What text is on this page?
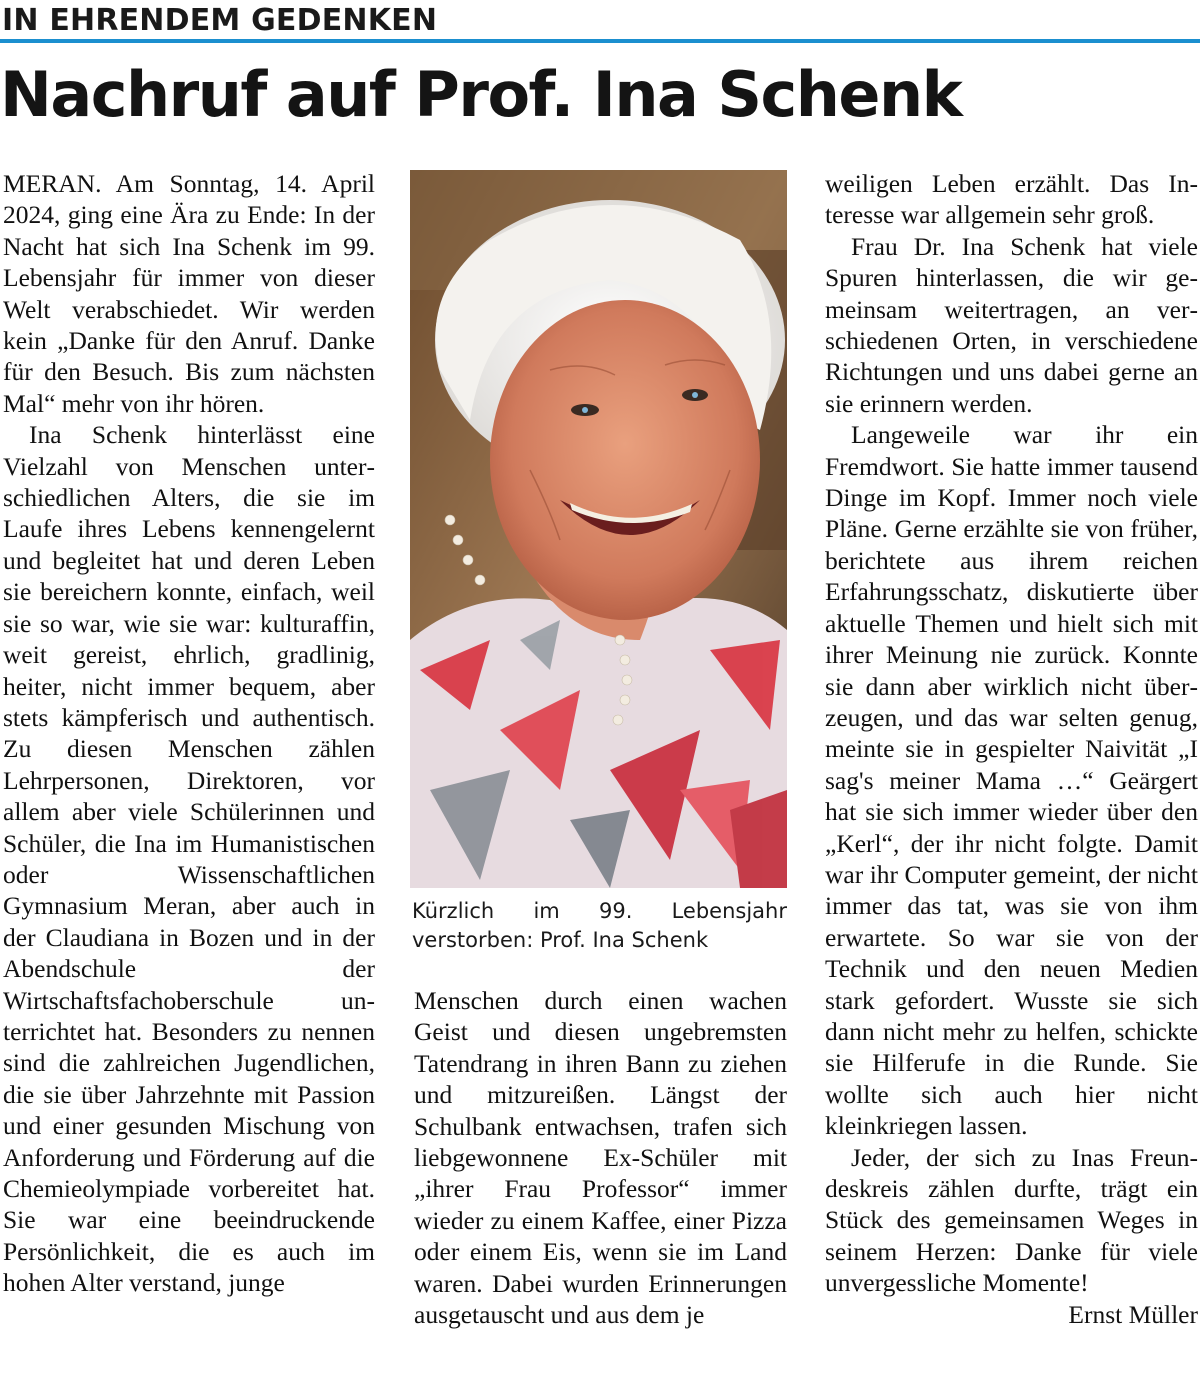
IN EHRENDEM GEDENKEN
Nachruf auf Prof. Ina Schenk

MERAN. Am Sonntag, 14. April 2024, ging eine Ära zu Ende: In der Nacht hat sich Ina Schenk im 99. Lebensjahr für immer von dieser Welt verabschiedet. Wir werden kein „Danke für den Anruf. Danke für den Besuch. Bis zum nächsten Mal“ mehr von ihr hören.

Ina Schenk hinterlässt eine Vielzahl von Menschen unterschiedlichen Alters, die sie im Laufe ihres Lebens kennengelernt und begleitet hat und deren Leben sie bereichern konnte, einfach, weil sie so war, wie sie war: kulturaffin, weit gereist, ehrlich, gradlinig, heiter, nicht immer bequem, aber stets kämpferisch und authentisch. Zu diesen Menschen zählen Lehrpersonen, Direktoren, vor allem aber viele Schülerinnen und Schüler, die Ina im Humanistischen oder Wissenschaftlichen Gymnasium Meran, aber auch in der Claudiana in Bozen und in der Abendschule der Wirtschaftsfachoberschule unterrichtet hat. Besonders zu nennen sind die zahlreichen Jugendlichen, die sie über Jahrzehnte mit Passion und einer gesunden Mischung von Anforderung und Förderung auf die Chemieolympiade vorbereitet hat. Sie war eine beeindruckende Persönlichkeit, die es auch im hohen Alter verstand, junge

Kürzlich im 99. Lebensjahr verstorben: Prof. Ina Schenk

Menschen durch einen wachen Geist und diesen ungebremsten Tatendrang in ihren Bann zu ziehen und mitzureißen. Längst der Schulbank entwachsen, trafen sich liebgewonnene Ex-Schüler mit „ihrer Frau Professor“ immer wieder zu einem Kaffee, einer Pizza oder einem Eis, wenn sie im Land waren. Dabei wurden Erinnerungen ausgetauscht und aus dem je

weiligen Leben erzählt. Das Interesse war allgemein sehr groß.

Frau Dr. Ina Schenk hat viele Spuren hinterlassen, die wir gemeinsam weitertragen, an verschiedenen Orten, in verschiedene Richtungen und uns dabei gerne an sie erinnern werden.

Langeweile war ihr ein Fremdwort. Sie hatte immer tausend Dinge im Kopf. Immer noch viele Pläne. Gerne erzählte sie von früher, berichtete aus ihrem reichen Erfahrungsschatz, diskutierte über aktuelle Themen und hielt sich mit ihrer Meinung nie zurück. Konnte sie dann aber wirklich nicht überzeugen, und das war selten genug, meinte sie in gespielter Naivität „I sag's meiner Mama …“ Geärgert hat sie sich immer wieder über den „Kerl“, der ihr nicht folgte. Damit war ihr Computer gemeint, der nicht immer das tat, was sie von ihm erwartete. So war sie von der Technik und den neuen Medien stark gefordert. Wusste sie sich dann nicht mehr zu helfen, schickte sie Hilferufe in die Runde. Sie wollte sich auch hier nicht kleinkriegen lassen.

Jeder, der sich zu Inas Freundeskreis zählen durfte, trägt ein Stück des gemeinsamen Weges in seinem Herzen: Danke für viele unvergessliche Momente!

Ernst Müller
